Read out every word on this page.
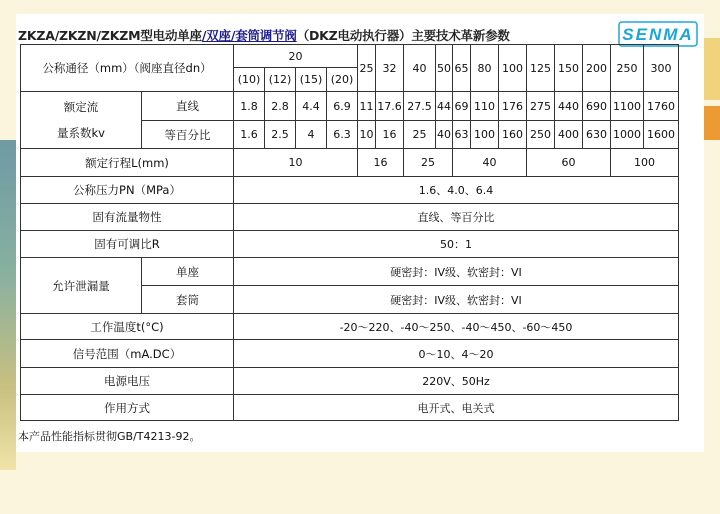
ZKZA/ZKZN/ZKZM型电动单座/双座/套筒调节阀（DKZ电动执行器）主要技术革新参数	SENMA
公称通径（mm）（阀座直径dn）		20				25	32	40	50	65	80	100	125	150	200	250	300
		(10)	(12)	(15)	(20)												
额定流
量系数kv	直线	1.8	2.8	4.4	6.9	11	17.6	27.5	44	69	110	176	275	440	690	1100	1760
	等百分比	1.6	2.5	4	6.3	10	16	25	40	63	100	160	250	400	630	1000	1600
额定行程L(mm)		10				16		25		40			60			100	
公称压力PN（MPa）		1.6、4.0、6.4															
固有流量物性		直线、等百分比															
固有可调比R		50：1															
允许泄漏量	单座	硬密封：IV级、软密封：VI															
	套筒	硬密封：IV级、软密封：VI															
工作温度t(°C)		-20～220、-40～250、-40～450、-60～450															
信号范围（mA.DC）		0～10、4～20															
电源电压		220V、50Hz															
作用方式		电开式、电关式															
本产品性能指标贯彻GB/T4213-92。
